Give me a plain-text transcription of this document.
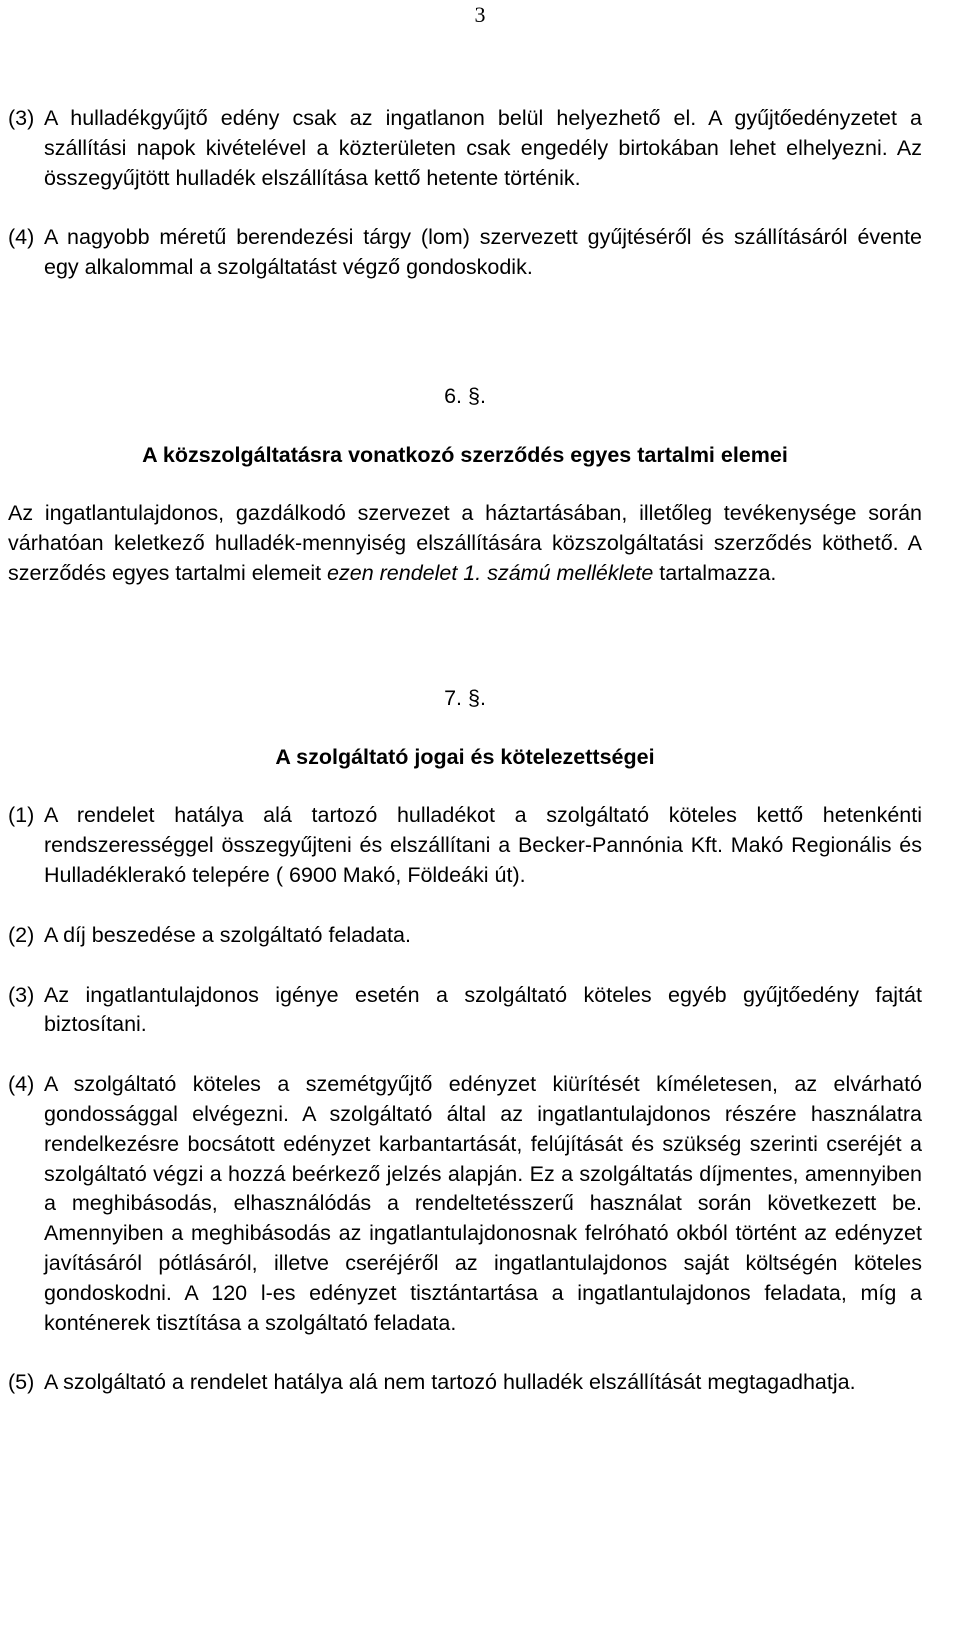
3
(3) A hulladékgyűjtő edény csak az ingatlanon belül helyezhető el. A gyűjtőedényzetet a szállítási napok kivételével a közterületen csak engedély birtokában lehet elhelyezni. Az összegyűjtött hulladék elszállítása kettő hetente történik.
(4) A nagyobb méretű berendezési tárgy (lom) szervezett gyűjtéséről és szállításáról évente egy alkalommal a szolgáltatást végző gondoskodik.
6. §.
A közszolgáltatásra vonatkozó szerződés egyes tartalmi elemei
Az ingatlantulajdonos, gazdálkodó szervezet a háztartásában, illetőleg tevékenysége során várhatóan keletkező hulladék-mennyiség elszállítására közszolgáltatási szerződés köthető. A szerződés egyes tartalmi elemeit ezen rendelet 1. számú melléklete tartalmazza.
7. §.
A szolgáltató jogai és kötelezettségei
(1) A rendelet hatálya alá tartozó hulladékot a szolgáltató köteles kettő hetenkénti rendszerességgel összegyűjteni és elszállítani a Becker-Pannónia Kft. Makó Regionális és Hulladéklerakó telepére ( 6900 Makó, Földeáki út).
(2) A díj beszedése a szolgáltató feladata.
(3) Az ingatlantulajdonos igénye esetén a szolgáltató köteles egyéb gyűjtőedény fajtát biztosítani.
(4) A szolgáltató köteles a szemétgyűjtő edényzet kiürítését kíméletesen, az elvárható gondossággal elvégezni. A szolgáltató által az ingatlantulajdonos részére használatra rendelkezésre bocsátott edényzet karbantartását, felújítását és szükség szerinti cseréjét a szolgáltató végzi a hozzá beérkező jelzés alapján. Ez a szolgáltatás díjmentes, amennyiben a meghibásodás, elhasználódás a rendeltetésszerű használat során következett be. Amennyiben a meghibásodás az ingatlantulajdonosnak felróható okból történt az edényzet javításáról pótlásáról, illetve cseréjéről az ingatlantulajdonos saját költségén köteles gondoskodni. A 120 l-es edényzet tisztántartása a ingatlantulajdonos feladata, míg a konténerek tisztítása a szolgáltató feladata.
(5) A szolgáltató a rendelet hatálya alá nem tartozó hulladék elszállítását megtagadhatja.
